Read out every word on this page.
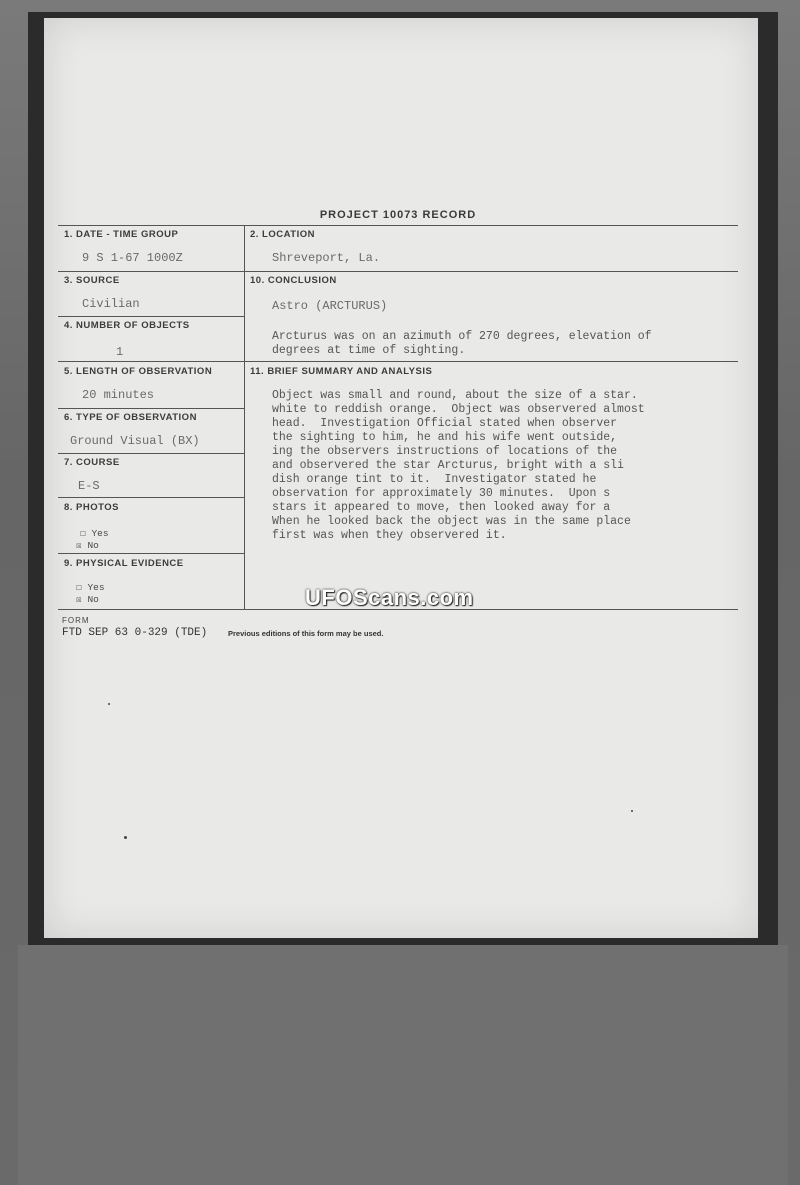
PROJECT 10073 RECORD
1. DATE - TIME GROUP
9 S 1-67 1000Z
3. SOURCE
Civilian
4. NUMBER OF OBJECTS
1
5. LENGTH OF OBSERVATION
20 minutes
6. TYPE OF OBSERVATION
Ground Visual (BX)
7. COURSE
E-S
8. PHOTOS
☐ Yes
☒ No
9. PHYSICAL EVIDENCE
☐ Yes
☒ No
2. LOCATION
Shreveport, La.
10. CONCLUSION
Astro (ARCTURUS)
Arcturus was on an azimuth of 270 degrees, elevation of
degrees at time of sighting.
11. BRIEF SUMMARY AND ANALYSIS
Object was small and round, about the size of a star.
white to reddish orange.  Object was observered almost
head.  Investigation Official stated when observer
the sighting to him, he and his wife went outside,
ing the observers instructions of locations of the
and observered the star Arcturus, bright with a sli
dish orange tint to it.  Investigator stated he
observation for approximately 30 minutes.  Upon s
stars it appeared to move, then looked away for a
When he looked back the object was in the same place
first was when they observered it.
FORM
FTD SEP 63 0-329 (TDE)	Previous editions of this form may be used.
UFOScans.com
